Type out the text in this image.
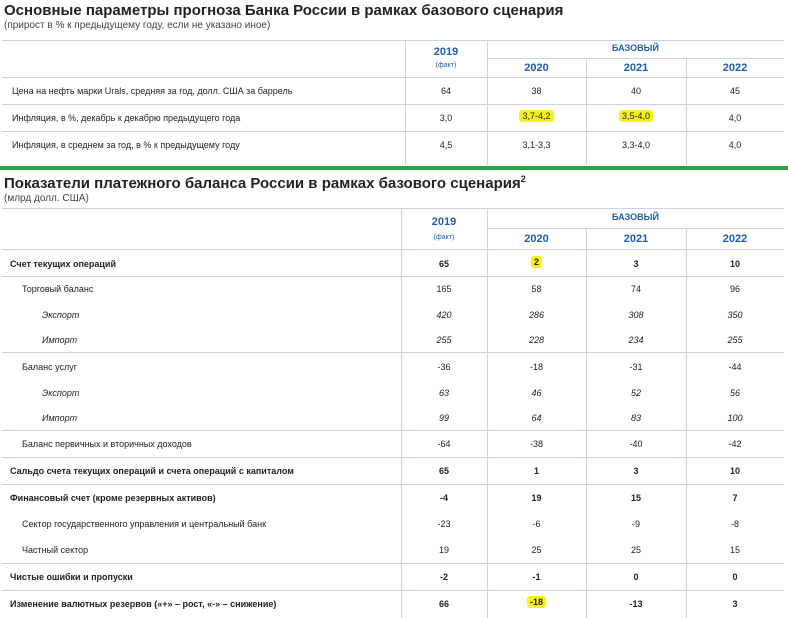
Основные параметры прогноза Банка России в рамках базового сценария
(прирост в % к предыдущему году, если не указано иное)
2019
(факт)
БАЗОВЫЙ
2020	2021	2022
Цена на нефть марки Urals, средняя за год, долл. США за баррель	64	38	40	45
Инфляция, в %, декабрь к декабрю предыдущего года	3,0	3,7-4,2	3,5-4,0	4,0
Инфляция, в среднем за год, в % к предыдущему году	4,5	3,1-3,3	3,3-4,0	4,0
Показатели платежного баланса России в рамках базового сценария$^2$
(млрд долл. США)
2019
(факт)
БАЗОВЫЙ
2020	2021	2022
Счет текущих операций	65	2	3	10
Торговый баланс	165	58	74	96
Экспорт	420	286	308	350
Импорт	255	228	234	255
Баланс услуг	-36	-18	-31	-44
Экспорт	63	46	52	56
Импорт	99	64	83	100
Баланс первичных и вторичных доходов	-64	-38	-40	-42
Сальдо счета текущих операций и счета операций с капиталом	65	1	3	10
Финансовый счет (кроме резервных активов)	-4	19	15	7
Сектор государственного управления и центральный банк	-23	-6	-9	-8
Частный сектор	19	25	25	15
Чистые ошибки и пропуски	-2	-1	0	0
Изменение валютных резервов («+» – рост, «-» – снижение)	66	-18	-13	3
